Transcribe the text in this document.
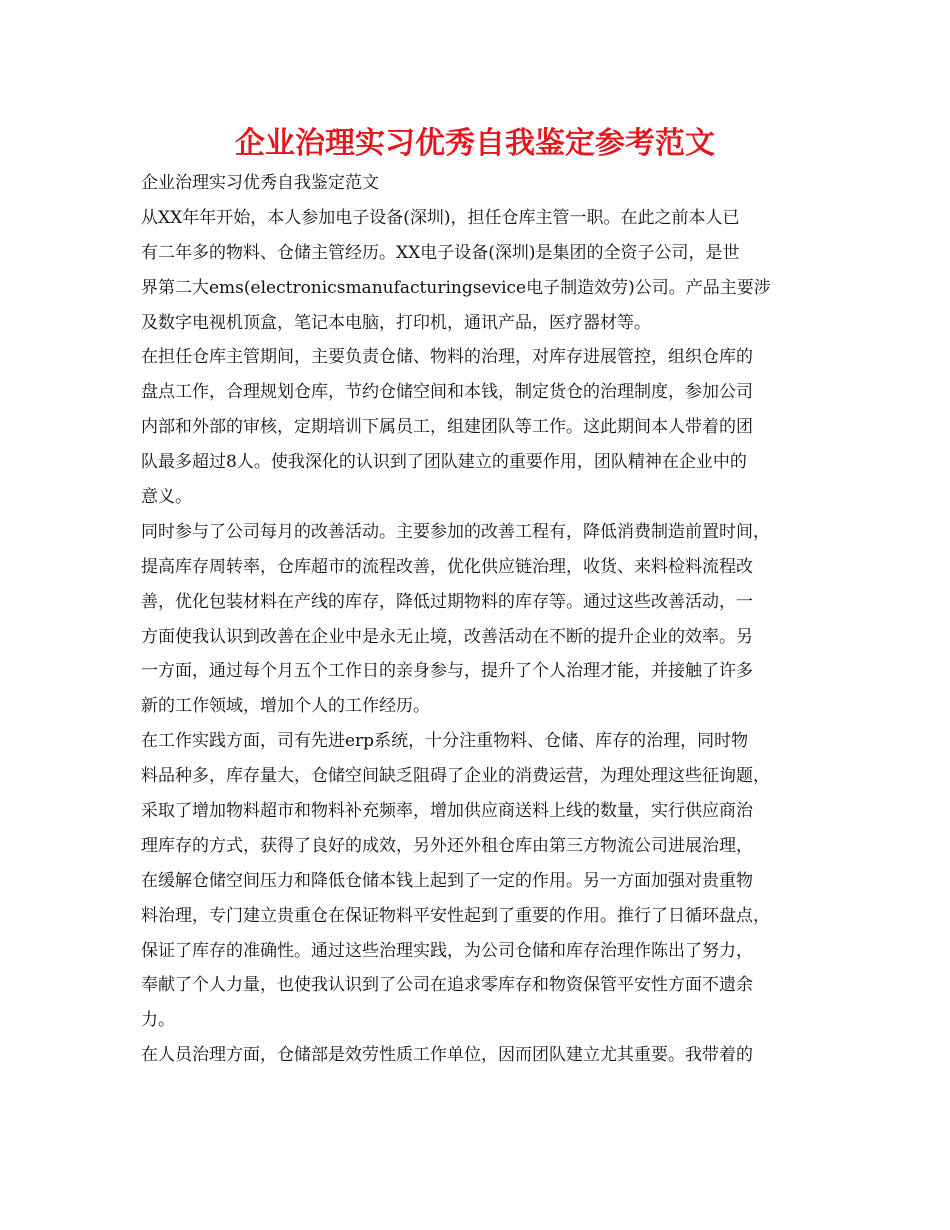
企业治理实习优秀自我鉴定参考范文

企业治理实习优秀自我鉴定范文

从XX年年开始，本人参加电子设备(深圳)，担任仓库主管一职。在此之前本人已

有二年多的物料、仓储主管经历。XX电子设备(深圳)是集团的全资子公司，是世

界第二大ems(electronicsmanufacturingsevice电子制造效劳)公司。产品主要涉

及数字电视机顶盒，笔记本电脑，打印机，通讯产品，医疗器材等。

在担任仓库主管期间，主要负责仓储、物料的治理，对库存进展管控，组织仓库的

盘点工作，合理规划仓库，节约仓储空间和本钱，制定货仓的治理制度，参加公司

内部和外部的审核，定期培训下属员工，组建团队等工作。这此期间本人带着的团

队最多超过8人。使我深化的认识到了团队建立的重要作用，团队精神在企业中的

意义。

同时参与了公司每月的改善活动。主要参加的改善工程有，降低消费制造前置时间，

提高库存周转率，仓库超市的流程改善，优化供应链治理，收货、来料检料流程改

善，优化包装材料在产线的库存，降低过期物料的库存等。通过这些改善活动，一

方面使我认识到改善在企业中是永无止境，改善活动在不断的提升企业的效率。另

一方面，通过每个月五个工作日的亲身参与，提升了个人治理才能，并接触了许多

新的工作领域，增加个人的工作经历。

在工作实践方面，司有先进erp系统，十分注重物料、仓储、库存的治理，同时物

料品种多，库存量大，仓储空间缺乏阻碍了企业的消费运营，为理处理这些征询题，

采取了增加物料超市和物料补充频率，增加供应商送料上线的数量，实行供应商治

理库存的方式，获得了良好的成效，另外还外租仓库由第三方物流公司进展治理，

在缓解仓储空间压力和降低仓储本钱上起到了一定的作用。另一方面加强对贵重物

料治理，专门建立贵重仓在保证物料平安性起到了重要的作用。推行了日循环盘点，

保证了库存的准确性。通过这些治理实践，为公司仓储和库存治理作陈出了努力，

奉献了个人力量，也使我认识到了公司在追求零库存和物资保管平安性方面不遗余

力。

在人员治理方面，仓储部是效劳性质工作单位，因而团队建立尤其重要。我带着的
